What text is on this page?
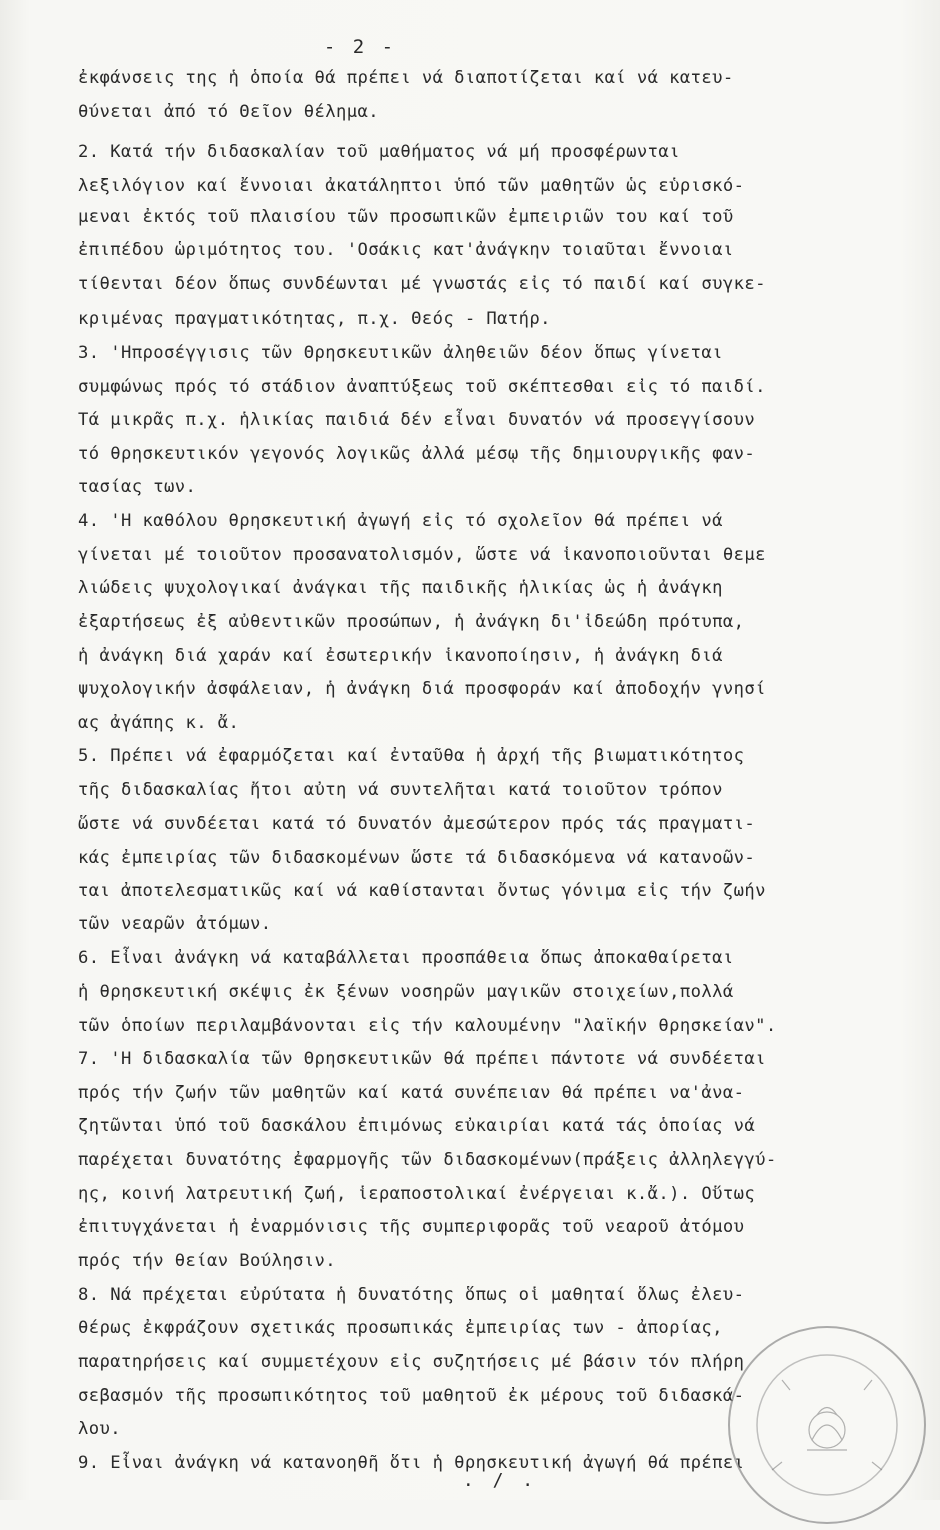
- 2 -
ἐκφάνσεις της ἡ ὁποία θά πρέπει νά διαποτίζεται καί νά κατευ-
θύνεται ἀπό τό Θεῖον θέλημα.
2. Κατά τήν διδασκαλίαν τοῦ μαθήματος νά μή προσφέρωνται
λεξιλόγιον καί ἔννοιαι ἀκατάληπτοι ὑπό τῶν μαθητῶν ὡς εὑρισκό-
μεναι ἐκτός τοῦ πλαισίου τῶν προσωπικῶν ἐμπειριῶν του καί τοῦ
ἐπιπέδου ὡριμότητος του. 'Οσάκις κατ'ἀνάγκην τοιαῦται ἔννοιαι
τίθενται δέον ὅπως συνδέωνται μέ γνωστάς εἰς τό παιδί καί συγκε-
κριμένας πραγματικότητας, π.χ. Θεός - Πατήρ.
3. 'Ηπροσέγγισις τῶν Θρησκευτικῶν ἀληθειῶν δέον ὅπως γίνεται
συμφώνως πρός τό στάδιον ἀναπτύξεως τοῦ σκέπτεσθαι εἰς τό παιδί.
Τά μικρᾶς π.χ. ἡλικίας παιδιά δέν εἶναι δυνατόν νά προσεγγίσουν
τό θρησκευτικόν γεγονός λογικῶς ἀλλά μέσῳ τῆς δημιουργικῆς φαν-
τασίας των.
4. 'Η καθόλου θρησκευτική ἀγωγή εἰς τό σχολεῖον θά πρέπει νά
γίνεται μέ τοιοῦτον προσανατολισμόν, ὥστε νά ἱκανοποιοῦνται θεμε
λιώδεις ψυχολογικαί ἀνάγκαι τῆς παιδικῆς ἡλικίας ὡς ἡ ἀνάγκη
ἐξαρτήσεως ἐξ αὐθεντικῶν προσώπων, ἡ ἀνάγκη δι'ἰδεώδη πρότυπα,
ἡ ἀνάγκη διά χαράν καί ἐσωτερικήν ἱκανοποίησιν, ἡ ἀνάγκη διά
ψυχολογικήν ἀσφάλειαν, ἡ ἀνάγκη διά προσφοράν καί ἀποδοχήν γνησί
ας ἀγάπης κ. ἄ.
5. Πρέπει νά ἐφαρμόζεται καί ἐνταῦθα ἡ ἀρχή τῆς βιωματικότητος
τῆς διδασκαλίας ἤτοι αὐτη νά συντελῆται κατά τοιοῦτον τρόπον
ὥστε νά συνδέεται κατά τό δυνατόν ἀμεσώτερον πρός τάς πραγματι-
κάς ἐμπειρίας τῶν διδασκομένων ὥστε τά διδασκόμενα νά κατανοῶν-
ται ἀποτελεσματικῶς καί νά καθίστανται ὄντως γόνιμα εἰς τήν ζωήν
τῶν νεαρῶν ἀτόμων.
6. Εἶναι ἀνάγκη νά καταβάλλεται προσπάθεια ὅπως ἀποκαθαίρεται
ἡ θρησκευτική σκέψις ἐκ ξένων νοσηρῶν μαγικῶν στοιχείων,πολλά
τῶν ὁποίων περιλαμβάνονται εἰς τήν καλουμένην "λαϊκήν θρησκείαν".
7. 'Η διδασκαλία τῶν Θρησκευτικῶν θά πρέπει πάντοτε νά συνδέεται
πρός τήν ζωήν τῶν μαθητῶν καί κατά συνέπειαν θά πρέπει να'ἀνα-
ζητῶνται ὑπό τοῦ δασκάλου ἐπιμόνως εὐκαιρίαι κατά τάς ὁποίας νά
παρέχεται δυνατότης ἐφαρμογῆς τῶν διδασκομένων(πράξεις ἀλληλεγγύ-
ης, κοινή λατρευτική ζωή, ἱεραποστολικαί ἐνέργειαι κ.ἄ.). Οὕτως
ἐπιτυγχάνεται ἡ ἐναρμόνισις τῆς συμπεριφορᾶς τοῦ νεαροῦ ἀτόμου
πρός τήν θείαν Βούλησιν.
8. Νά πρέχεται εὐρύτατα ἡ δυνατότης ὅπως οἱ μαθηταί ὅλως ἐλευ-
θέρως ἐκφράζουν σχετικάς προσωπικάς ἐμπειρίας των - ἀπορίας,
παρατηρήσεις καί συμμετέχουν εἰς συζητήσεις μέ βάσιν τόν πλήρη
σεβασμόν τῆς προσωπικότητος τοῦ μαθητοῦ ἐκ μέρους τοῦ διδασκά-
λου.
9. Εἶναι ἀνάγκη νά κατανοηθῆ ὅτι ἡ θρησκευτική ἀγωγή θά πρέπει
. / .
